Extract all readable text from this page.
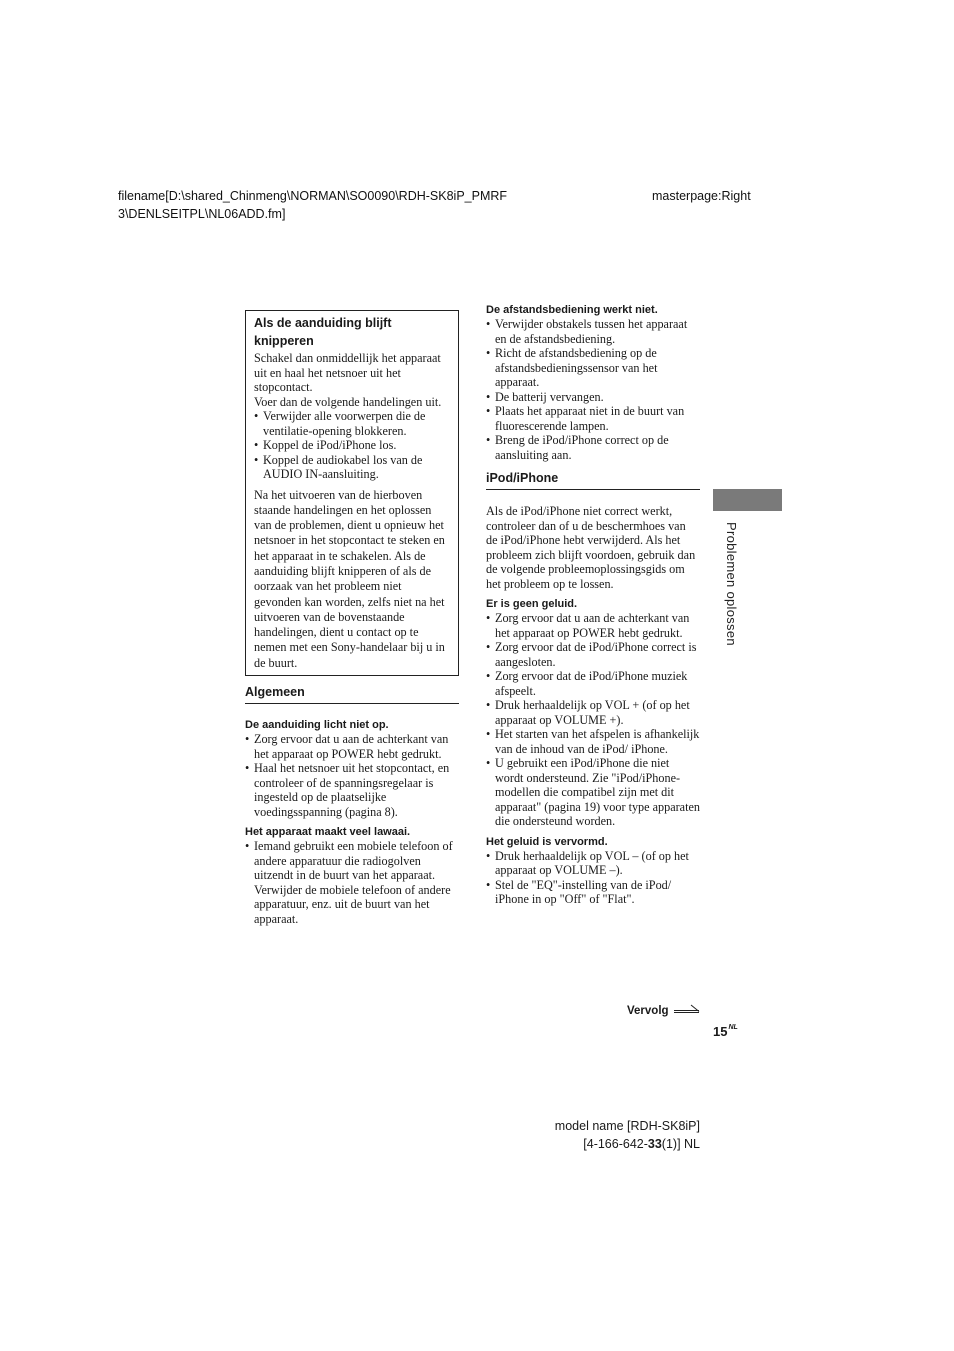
filename[D:\shared_Chinmeng\NORMAN\SO0090\RDH-SK8iP_PMRF
3\DENLSEITPL\NL06ADD.fm]
masterpage:Right
Als de aanduiding blijft knipperen

Schakel dan onmiddellijk het apparaat uit en haal het netsnoer uit het stopcontact.

Voer dan de volgende handelingen uit.

• Verwijder alle voorwerpen die de ventilatie-opening blokkeren.
• Koppel de iPod/iPhone los.
• Koppel de audiokabel los van de AUDIO IN-aansluiting.

Na het uitvoeren van de hierboven staande handelingen en het oplossen van de problemen, dient u opnieuw het netsnoer in het stopcontact te steken en het apparaat in te schakelen. Als de aanduiding blijft knipperen of als de oorzaak van het probleem niet gevonden kan worden, zelfs niet na het uitvoeren van de bovenstaande handelingen, dient u contact op te nemen met een Sony-handelaar bij u in de buurt.

Algemeen
De aanduiding licht niet op.
• Zorg ervoor dat u aan de achterkant van het apparaat op POWER hebt gedrukt.
• Haal het netsnoer uit het stopcontact, en controleer of de spanningsregelaar is ingesteld op de plaatselijke voedingsspanning (pagina 8).
Het apparaat maakt veel lawaai.
• Iemand gebruikt een mobiele telefoon of andere apparatuur die radiogolven uitzendt in de buurt van het apparaat. Verwijder de mobiele telefoon of andere apparatuur, enz. uit de buurt van het apparaat.
De afstandsbediening werkt niet.
• Verwijder obstakels tussen het apparaat en de afstandsbediening.
• Richt de afstandsbediening op de afstandsbedieningssensor van het apparaat.
• De batterij vervangen.
• Plaats het apparaat niet in de buurt van fluorescerende lampen.
• Breng de iPod/iPhone correct op de aansluiting aan.
iPod/iPhone

Als de iPod/iPhone niet correct werkt, controleer dan of u de beschermhoes van de iPod/iPhone hebt verwijderd. Als het probleem zich blijft voordoen, gebruik dan de volgende probleemoplossingsgids om het probleem op te lossen.

Er is geen geluid.
• Zorg ervoor dat u aan de achterkant van het apparaat op POWER hebt gedrukt.
• Zorg ervoor dat de iPod/iPhone correct is aangesloten.
• Zorg ervoor dat de iPod/iPhone muziek afspeelt.
• Druk herhaaldelijk op VOL + (of op het apparaat op VOLUME +).
• Het starten van het afspelen is afhankelijk van de inhoud van de iPod/ iPhone.
• U gebruikt een iPod/iPhone die niet wordt ondersteund. Zie "iPod/iPhone-modellen die compatibel zijn met dit apparaat" (pagina 19) voor type apparaten die ondersteund worden.
Het geluid is vervormd.
• Druk herhaaldelijk op VOL – (of op het apparaat op VOLUME –).
• Stel de "EQ"-instelling van de iPod/ iPhone in op "Off" of "Flat".
Problemen oplossen
Vervolg
$15^{NL}$
model name [RDH-SK8iP]
[4-166-642-33(1)] NL
